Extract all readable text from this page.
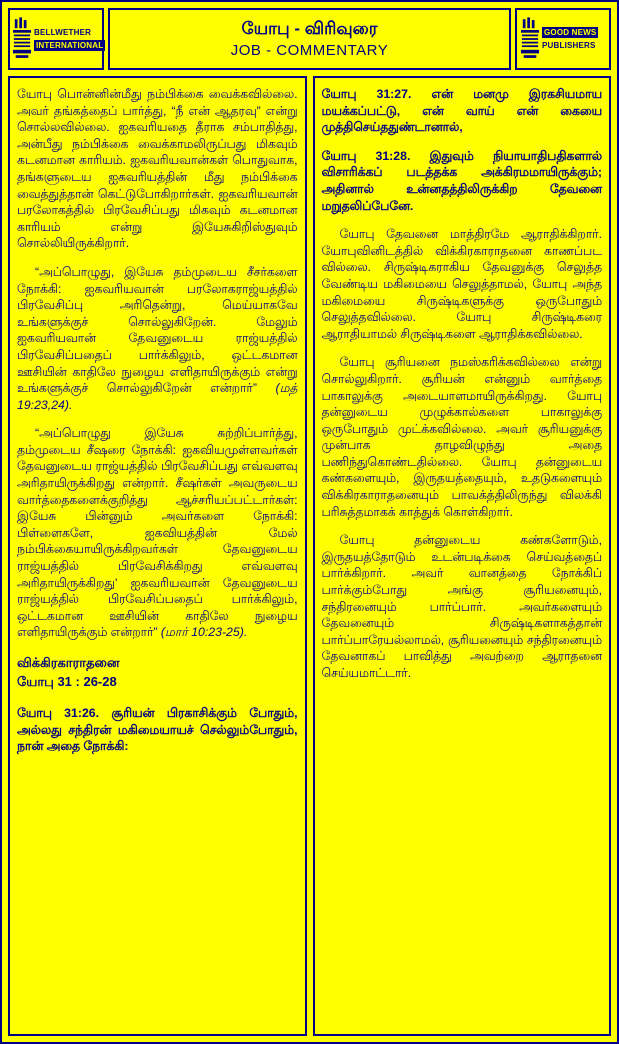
BELLWETHER
INTERNATIONAL
யோபு - விரிவுரை
JOB - COMMENTARY
GOOD NEWS
PUBLISHERS

யோபு பொன்னின்மீது நம்பிக்கை வைக்கவில்லை. அவர் தங்கத்தைப் பார்த்து, “நீ என் ஆதரவு” என்று சொல்லவில்லை. ஐகவரியதை தீராக சம்பாதித்து, அன்பீது நம்பிக்கை வைக்காமலிருப்பது மிகவும் கடனமான காரியம். ஐகவரியவான்கள் பொதுவாக, தங்களுடைய ஐகவரியத்தின் மீது நம்பிக்கை வைத்துத்தான் கெட்டுபோகிறார்கள். ஐகவரியவான் பரலோகத்தில் பிரவேசிப்பது மிகவும் கடனமான காரியம் என்று இயேசுகிறிஸ்துவும் சொல்லியிருக்கிறார்.

“அப்பொழுது, இயேசு தம்முடைய சீசர்களை நோக்கி: ஐகவரியவான் பரலோகராஜ்யத்தில் பிரவேசிப்பு அரிதென்று, மெய்யாகவே உங்களுக்குச் சொல்லுகிறேன். மேலும் ஐகவரியவான் தேவனுடைய ராஜ்யத்தில் பிரவேசிப்பதைப் பார்க்கிலும், ஒட்டகமான ஊசியின் காதிலே நுழைய எளிதாயிருக்கும் என்று உங்களுக்குச் சொல்லுகிறேன் என்றார்” (மத் 19:23,24).

“அப்பொழுது இயேசு சுற்றிப்பார்த்து, தம்முடைய சீஷரை நோக்கி: ஐகவியமுள்ளவர்கள் தேவனுடைய ராஜ்யத்தில் பிரவேசிப்பது எவ்வளவு அரிதாயிருக்கிறது என்றார். சீஷர்கள் அவருடைய வார்த்தைகளைக்குறித்து ஆச்சரியப்பட்டார்கள்: இயேசு பின்னும் அவர்களை நோக்கி: பிள்ளைகளே, ஐகவியத்தின் மேல் நம்பிக்கையாயிருக்கிறவர்கள் தேவனுடைய ராஜ்யத்தில் பிரவேசிக்கிறது எவ்வளவு அரிதாயிருக்கிறது' ஐகவரியவான் தேவனுடைய ராஜ்யத்தில் பிரவேசிப்பதைப் பார்க்கிலும், ஒட்டகமான ஊசியின் காதிலே நுழைய எளிதாயிருக்கும் என்றார்” (மார் 10:23-25).

விக்கிரகாராதனை

யோபு 31 : 26-28

யோபு 31:26. சூரியன் பிரகாசிக்கும் போதும், அல்லது சந்திரன் மகிமையாயச் செல்லும்போதும், நான் அதை நோக்கி:

யோபு 31:27. என் மனமு இரகசியமாய மயக்கப்பட்டு, என் வாய் என் கையை முத்திசெய்ததுண்டானால்,

யோபு 31:28. இதுவும் நியாயாதிபதிகளால் விசாரிக்கப் படத்தக்க அக்கிரமமாயிருக்கும்; அதினால் உன்னதத்திலிருக்கிற தேவனை மறுதலிப்பேனே.

யோபு தேவனை மாத்திரமே ஆராதிக்கிறார். யோபுவினிடத்தில் விக்கிரகாராதனை காணப்பட வில்லை. சிருஷ்டிகராகிய தேவனுக்கு செலுத்த வேண்டிய மகிமையை செலுத்தாமல், யோபு அந்த மகிமையை சிருஷ்டிகளுக்கு ஒருபோதும் செலுத்தவில்லை. யோபு சிருஷ்டிகரை ஆராதியாமல் சிருஷ்டிகளை ஆராதிக்கவில்லை.

யோபு சூரியனை நமஸ்கரிக்கவில்லை என்று சொல்லுகிறார். சூரியன் என்னும் வார்த்தை பாகாலுக்கு அடையாளமாயிருக்கிறது. யோபு தன்னுடைய முழுக்கால்களை பாகாலுக்கு ஒருபோதும் முட்க்கவில்லை. அவர் சூரியனுக்கு முன்பாக தாழவிழுந்து அதை பணிந்துகொண்டதில்லை. யோபு தன்னுடைய கண்களையும், இருதயத்தையும், உதடுகளையும் விக்கிரகாராதனையும் பாவக்த்திலிருந்து விலக்கி பரிசுத்தமாகக் காத்துக் கொள்கிறார்.

யோபு தன்னுடைய கண்களோடும், இருதயத்தோடும் உடன்படிக்கை செய்வத்தைப் பார்க்கிறார். அவர் வானத்தை நோக்கிப் பார்க்கும்போது அங்கு சூரியனையும், சந்திரனையும் பார்ப்பார். அவர்களையும் தேவனையும் சிருஷ்டிகளாகத்தான் பார்ப்பாரேயல்லாமல், சூரியனையும் சந்திரனையும் தேவனாகப் பாவித்து அவற்றை ஆராதனை செய்யமாட்டார்.
